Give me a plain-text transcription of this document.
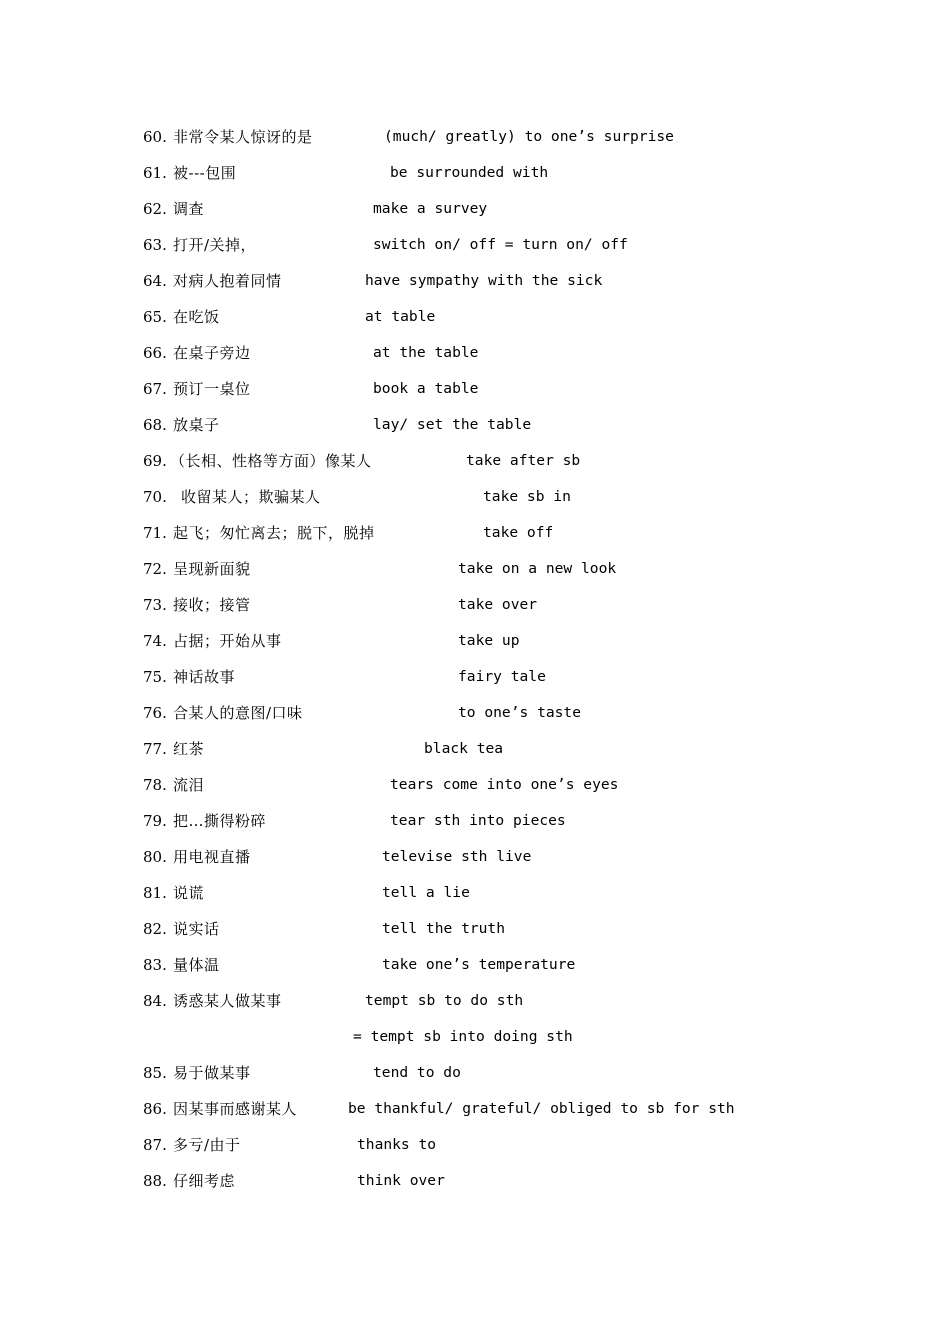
60. 非常令某人惊讶的是	(much/ greatly) to one’s surprise
61. 被---包围	be surrounded with
62. 调查	make a survey
63. 打开/关掉，	switch on/ off = turn on/ off
64. 对病人抱着同情	have sympathy with the sick
65. 在吃饭	at table
66. 在桌子旁边	at the table
67. 预订一桌位	book a table
68. 放桌子	lay/ set the table
69. （长相、性格等方面）像某人	take after sb
70. 收留某人；欺骗某人	take sb in
71. 起飞；匆忙离去；脱下，脱掉	take off
72. 呈现新面貌	take on a new look
73. 接收；接管	take over
74. 占据；开始从事	take up
75. 神话故事	fairy tale
76. 合某人的意图/口味	to one’s taste
77. 红茶	black tea
78. 流泪	tears come into one’s eyes
79. 把…撕得粉碎	tear sth into pieces
80. 用电视直播	televise sth live
81. 说谎	tell a lie
82. 说实话	tell the truth
83. 量体温	take one’s temperature
84. 诱惑某人做某事	tempt sb to do sth
= tempt sb into doing sth
85. 易于做某事	tend to do
86. 因某事而感谢某人	be thankful/ grateful/ obliged to sb for sth
87. 多亏/由于	thanks to
88. 仔细考虑	think over
